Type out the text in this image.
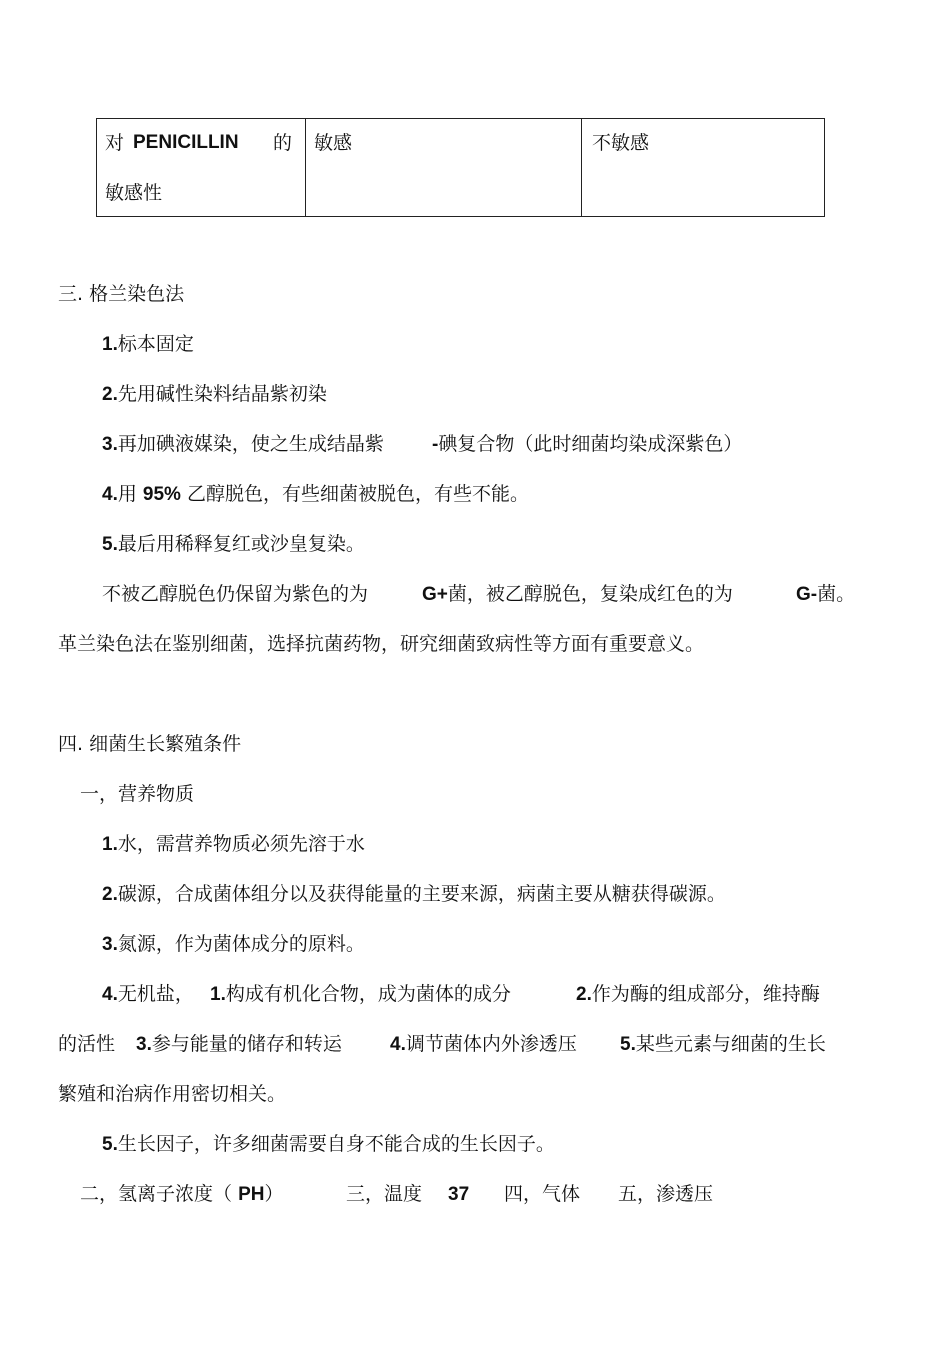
对 PENICILLIN 的
敏感性

敏感	不敏感
三. 格兰染色法
1.标本固定
2.先用碱性染料结晶紫初染
3.再加碘液媒染，使之生成结晶紫	-碘复合物（此时细菌均染成深紫色）
4.用 95% 乙醇脱色，有些细菌被脱色，有些不能。
5.最后用稀释复红或沙皇复染。
不被乙醇脱色仍保留为紫色的为	G+菌，被乙醇脱色，复染成红色的为	G-菌。
革兰染色法在鉴别细菌，选择抗菌药物，研究细菌致病性等方面有重要意义。
四. 细菌生长繁殖条件
一，营养物质
1.水，需营养物质必须先溶于水
2.碳源，合成菌体组分以及获得能量的主要来源，病菌主要从糖获得碳源。
3.氮源，作为菌体成分的原料。
4.无机盐， 1.构成有机化合物，成为菌体的成分	2.作为酶的组成部分，维持酶
的活性 3.参与能量的储存和转运	4.调节菌体内外渗透压 5.某些元素与细菌的生长
繁殖和治病作用密切相关。
5.生长因子，许多细菌需要自身不能合成的生长因子。
二，氢离子浓度（ PH）	三，温度 37 四，气体 五，渗透压
